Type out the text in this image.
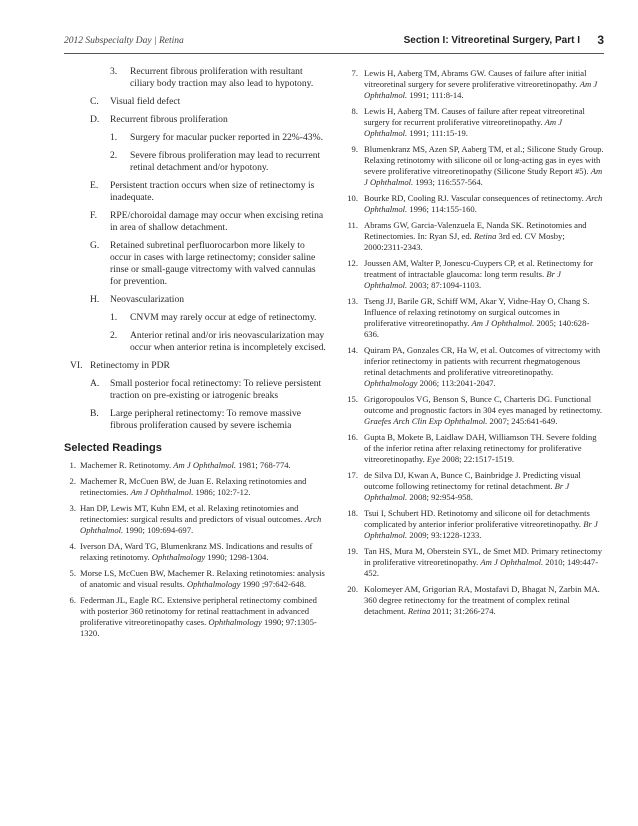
2012 Subspecialty Day | Retina	Section I: Vitreoretinal Surgery, Part I 3
3. Recurrent fibrous proliferation with resultant ciliary body traction may also lead to hypotony.
C. Visual field defect
D. Recurrent fibrous proliferation
1. Surgery for macular pucker reported in 22%-43%.
2. Severe fibrous proliferation may lead to recurrent retinal detachment and/or hypotony.
E. Persistent traction occurs when size of retinectomy is inadequate.
F. RPE/choroidal damage may occur when excising retina in area of shallow detachment.
G. Retained subretinal perfluorocarbon more likely to occur in cases with large retinectomy; consider saline rinse or small-gauge vitrectomy with valved cannulas for prevention.
H. Neovascularization
1. CNVM may rarely occur at edge of retinectomy.
2. Anterior retinal and/or iris neovascularization may occur when anterior retina is incompletely excised.
VI. Retinectomy in PDR
A. Small posterior focal retinectomy: To relieve persistent traction on pre-existing or iatrogenic breaks
B. Large peripheral retinectomy: To remove massive fibrous proliferation caused by severe ischemia
Selected Readings
1. Machemer R. Retinotomy. Am J Ophthalmol. 1981; 768-774.
2. Machemer R, McCuen BW, de Juan E. Relaxing retinotomies and retinectomies. Am J Ophthalmol. 1986; 102:7-12.
3. Han DP, Lewis MT, Kuhn EM, et al. Relaxing retinotomies and retinectomies: surgical results and predictors of visual outcomes. Arch Ophthalmol. 1990; 109:694-697.
4. Iverson DA, Ward TG, Blumenkranz MS. Indications and results of relaxing retinotomy. Ophthalmology 1990; 1298-1304.
5. Morse LS, McCuen BW, Machemer R. Relaxing retinotomies: analysis of anatomic and visual results. Ophthalmology 1990 ;97:642-648.
6. Federman JL, Eagle RC. Extensive peripheral retinectomy combined with posterior 360 retinotomy for retinal reattachment in advanced proliferative vitreoretinopathy cases. Ophthalmology 1990; 97:1305-1320.
7. Lewis H, Aaberg TM, Abrams GW. Causes of failure after initial vitreoretinal surgery for severe proliferative vitreoretinopathy. Am J Ophthalmol. 1991; 111:8-14.
8. Lewis H, Aaberg TM. Causes of failure after repeat vitreoretinal surgery for recurrent proliferative vitreoretinopathy. Am J Ophthalmol. 1991; 111:15-19.
9. Blumenkranz MS, Azen SP, Aaberg TM, et al.; Silicone Study Group. Relaxing retinotomy with silicone oil or long-acting gas in eyes with severe proliferative vitreoretinopathy (Silicone Study Report #5). Am J Ophthalmol. 1993; 116:557-564.
10. Bourke RD, Cooling RJ. Vascular consequences of retinectomy. Arch Ophthalmol. 1996; 114:155-160.
11. Abrams GW, Garcia-Valenzuela E, Nanda SK. Retinotomies and Retinectomies. In: Ryan SJ, ed. Retina 3rd ed. CV Mosby; 2000:2311-2343.
12. Joussen AM, Walter P, Jonescu-Cuypers CP, et al. Retinectomy for treatment of intractable glaucoma: long term results. Br J Ophthalmol. 2003; 87:1094-1103.
13. Tseng JJ, Barile GR, Schiff WM, Akar Y, Vidne-Hay O, Chang S. Influence of relaxing retinotomy on surgical outcomes in proliferative vitreoretinopathy. Am J Ophthalmol. 2005; 140:628-636.
14. Quiram PA, Gonzales CR, Ha W, et al. Outcomes of vitrectomy with inferior retinectomy in patients with recurrent rhegmatogenous retinal detachments and proliferative vitreoretinopathy. Ophthalmology 2006; 113:2041-2047.
15. Grigoropoulos VG, Benson S, Bunce C, Charteris DG. Functional outcome and prognostic factors in 304 eyes managed by retinectomy. Graefes Arch Clin Exp Ophthalmol. 2007; 245:641-649.
16. Gupta B, Mokete B, Laidlaw DAH, Williamson TH. Severe folding of the inferior retina after relaxing retinectomy for proliferative vitreoretinopathy. Eye 2008; 22:1517-1519.
17. de Silva DJ, Kwan A, Bunce C, Bainbridge J. Predicting visual outcome following retinectomy for retinal detachment. Br J Ophthalmol. 2008; 92:954-958.
18. Tsui I, Schubert HD. Retinotomy and silicone oil for detachments complicated by anterior inferior proliferative vitreoretinopathy. Br J Ophthalmol. 2009; 93:1228-1233.
19. Tan HS, Mura M, Oberstein SYL, de Smet MD. Primary retinectomy in proliferative vitreoretinopathy. Am J Ophthalmol. 2010; 149:447-452.
20. Kolomeyer AM, Grigorian RA, Mostafavi D, Bhagat N, Zarbin MA. 360 degree retinectomy for the treatment of complex retinal detachment. Retina 2011; 31:266-274.
